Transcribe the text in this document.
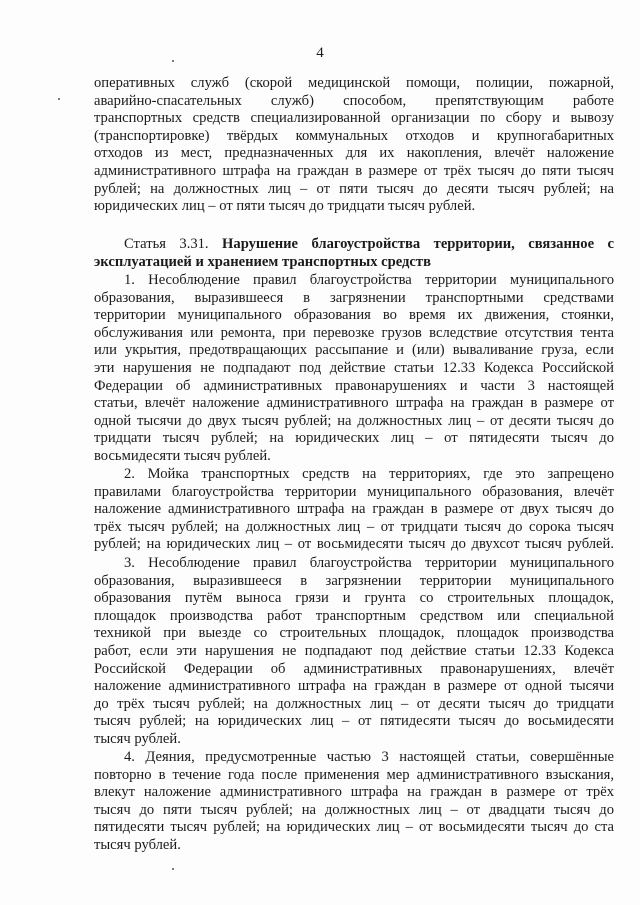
4
оперативных служб (скорой медицинской помощи, полиции, пожарной,
аварийно-спасательных служб) способом, препятствующим работе
транспортных средств специализированной организации по сбору и вывозу
(транспортировке) твёрдых коммунальных отходов и крупногабаритных
отходов из мест, предназначенных для их накопления, влечёт наложение
административного штрафа на граждан в размере от трёх тысяч до пяти тысяч
рублей; на должностных лиц – от пяти тысяч до десяти тысяч рублей; на
юридических лиц – от пяти тысяч до тридцати тысяч рублей.
Статья 3.31. Нарушение благоустройства территории, связанное с
эксплуатацией и хранением транспортных средств
1. Несоблюдение правил благоустройства территории муниципального
образования, выразившееся в загрязнении транспортными средствами
территории муниципального образования во время их движения, стоянки,
обслуживания или ремонта, при перевозке грузов вследствие отсутствия тента
или укрытия, предотвращающих рассыпание и (или) вываливание груза, если
эти нарушения не подпадают под действие статьи 12.33 Кодекса Российской
Федерации об административных правонарушениях и части 3 настоящей
статьи, влечёт наложение административного штрафа на граждан в размере от
одной тысячи до двух тысяч рублей; на должностных лиц – от десяти тысяч до
тридцати тысяч рублей; на юридических лиц – от пятидесяти тысяч до
восьмидесяти тысяч рублей.
2. Мойка транспортных средств на территориях, где это запрещено
правилами благоустройства территории муниципального образования, влечёт
наложение административного штрафа на граждан в размере от двух тысяч до
трёх тысяч рублей; на должностных лиц – от тридцати тысяч до сорока тысяч
рублей; на юридических лиц – от восьмидесяти тысяч до двухсот тысяч рублей.
3. Несоблюдение правил благоустройства территории муниципального
образования, выразившееся в загрязнении территории муниципального
образования путём выноса грязи и грунта со строительных площадок,
площадок производства работ транспортным средством или специальной
техникой при выезде со строительных площадок, площадок производства
работ, если эти нарушения не подпадают под действие статьи 12.33 Кодекса
Российской Федерации об административных правонарушениях, влечёт
наложение административного штрафа на граждан в размере от одной тысячи
до трёх тысяч рублей; на должностных лиц – от десяти тысяч до тридцати
тысяч рублей; на юридических лиц – от пятидесяти тысяч до восьмидесяти
тысяч рублей.
4. Деяния, предусмотренные частью 3 настоящей статьи, совершённые
повторно в течение года после применения мер административного взыскания,
влекут наложение административного штрафа на граждан в размере от трёх
тысяч до пяти тысяч рублей; на должностных лиц – от двадцати тысяч до
пятидесяти тысяч рублей; на юридических лиц – от восьмидесяти тысяч до ста
тысяч рублей.
